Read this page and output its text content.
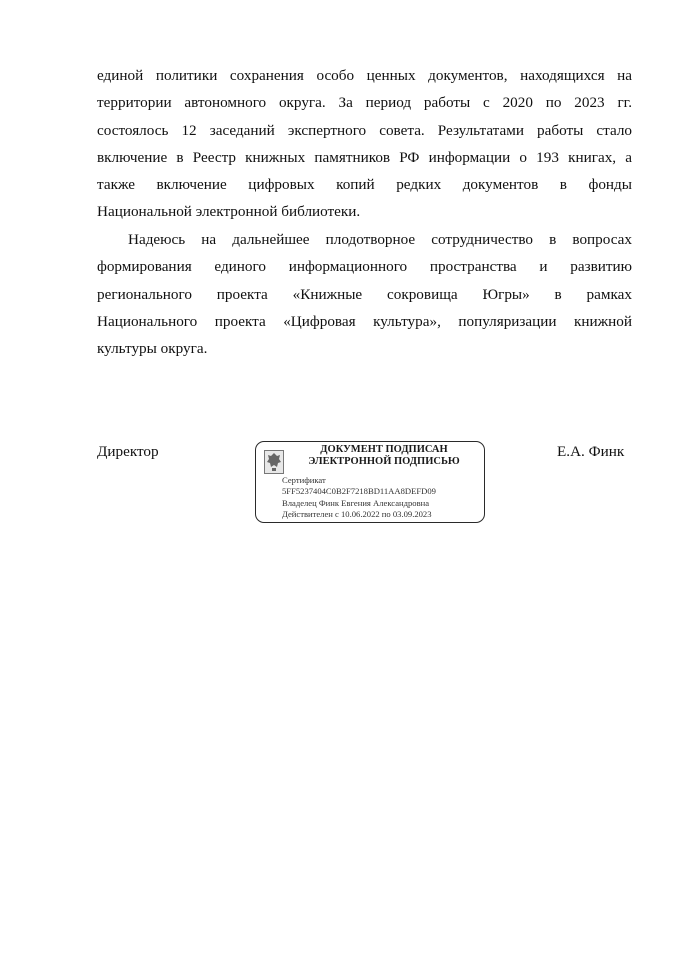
единой политики сохранения особо ценных документов, находящихся на
территории автономного округа. За период работы с 2020 по 2023 гг.
состоялось 12 заседаний экспертного совета. Результатами работы стало
включение в Реестр книжных памятников РФ информации о 193 книгах, а
также включение цифровых копий редких документов в фонды
Национальной электронной библиотеки.
Надеюсь на дальнейшее плодотворное сотрудничество в вопросах
формирования единого информационного пространства и развитию
регионального проекта «Книжные сокровища Югры» в рамках
Национального проекта «Цифровая культура», популяризации книжной
культуры округа.
Директор	Е.А. Финк
ДОКУМЕНТ ПОДПИСАН
ЭЛЕКТРОННОЙ ПОДПИСЬЮ
Сертификат
5FF5237404C0B2F7218BD11AA8DEFD09
Владелец Финк Евгения Александровна
Действителен с 10.06.2022 по 03.09.2023
